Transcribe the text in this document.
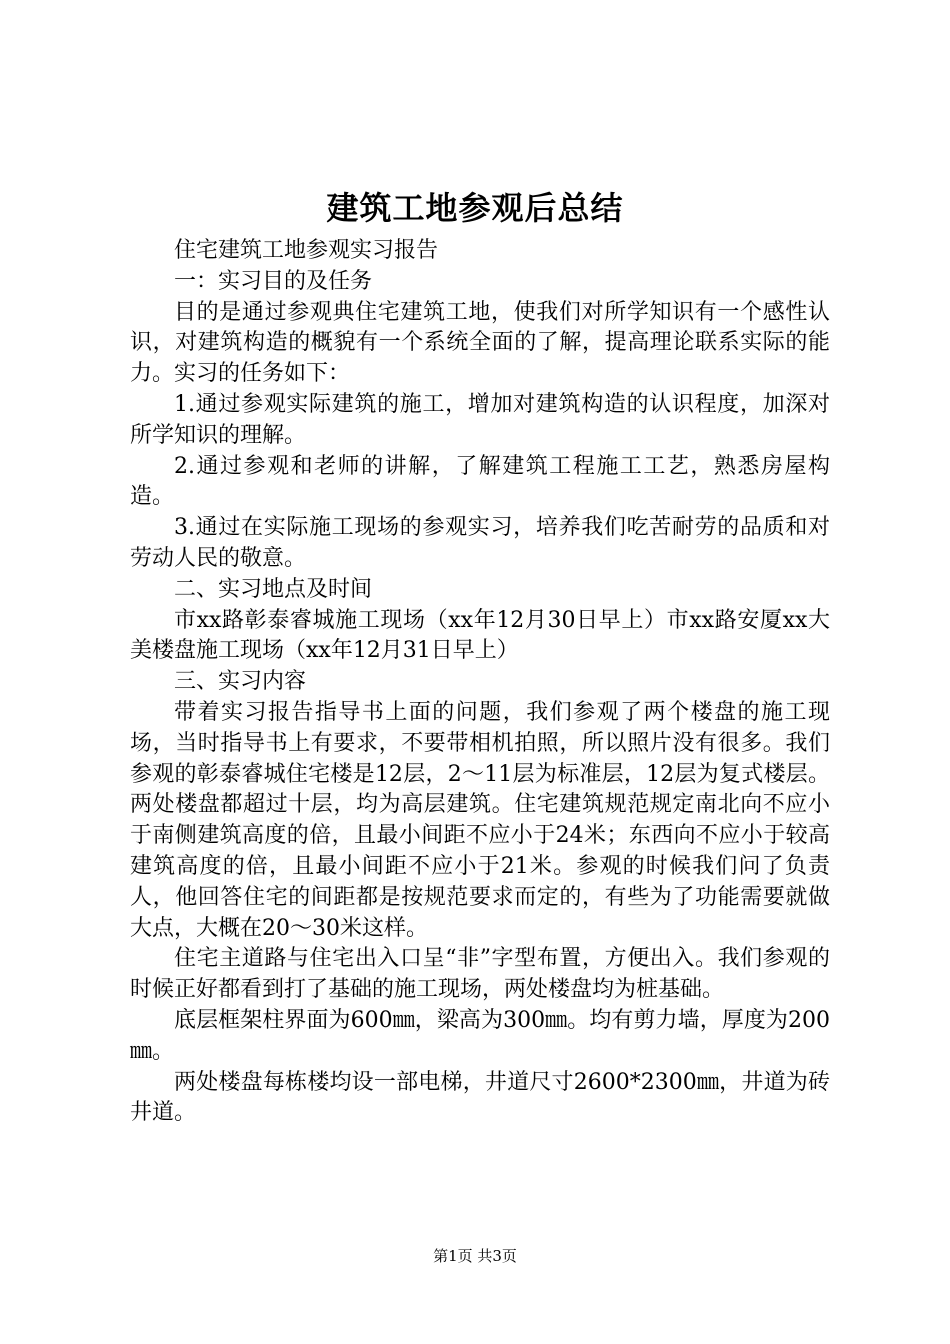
建筑工地参观后总结

住宅建筑工地参观实习报告

一：实习目的及任务

目的是通过参观典住宅建筑工地，使我们对所学知识有一个感性认识，对建筑构造的概貌有一个系统全面的了解，提高理论联系实际的能力。实习的任务如下：

1.通过参观实际建筑的施工，增加对建筑构造的认识程度，加深对所学知识的理解。

2.通过参观和老师的讲解，了解建筑工程施工工艺，熟悉房屋构造。

3.通过在实际施工现场的参观实习，培养我们吃苦耐劳的品质和对劳动人民的敬意。

二、实习地点及时间

市xx路彰泰睿城施工现场（xx年12月30日早上）市xx路安厦xx大美楼盘施工现场（xx年12月31日早上）

三、实习内容

带着实习报告指导书上面的问题，我们参观了两个楼盘的施工现场，当时指导书上有要求，不要带相机拍照，所以照片没有很多。我们参观的彰泰睿城住宅楼是12层，2～11层为标准层，12层为复式楼层。两处楼盘都超过十层，均为高层建筑。住宅建筑规范规定南北向不应小于南侧建筑高度的倍，且最小间距不应小于24米；东西向不应小于较高建筑高度的倍，且最小间距不应小于21米。参观的时候我们问了负责人，他回答住宅的间距都是按规范要求而定的，有些为了功能需要就做大点，大概在20～30米这样。

住宅主道路与住宅出入口呈“非”字型布置，方便出入。我们参观的时候正好都看到打了基础的施工现场，两处楼盘均为桩基础。

底层框架柱界面为600㎜，梁高为300㎜。均有剪力墙，厚度为200㎜。

两处楼盘每栋楼均设一部电梯，井道尺寸2600*2300㎜，井道为砖井道。

第1页 共3页
